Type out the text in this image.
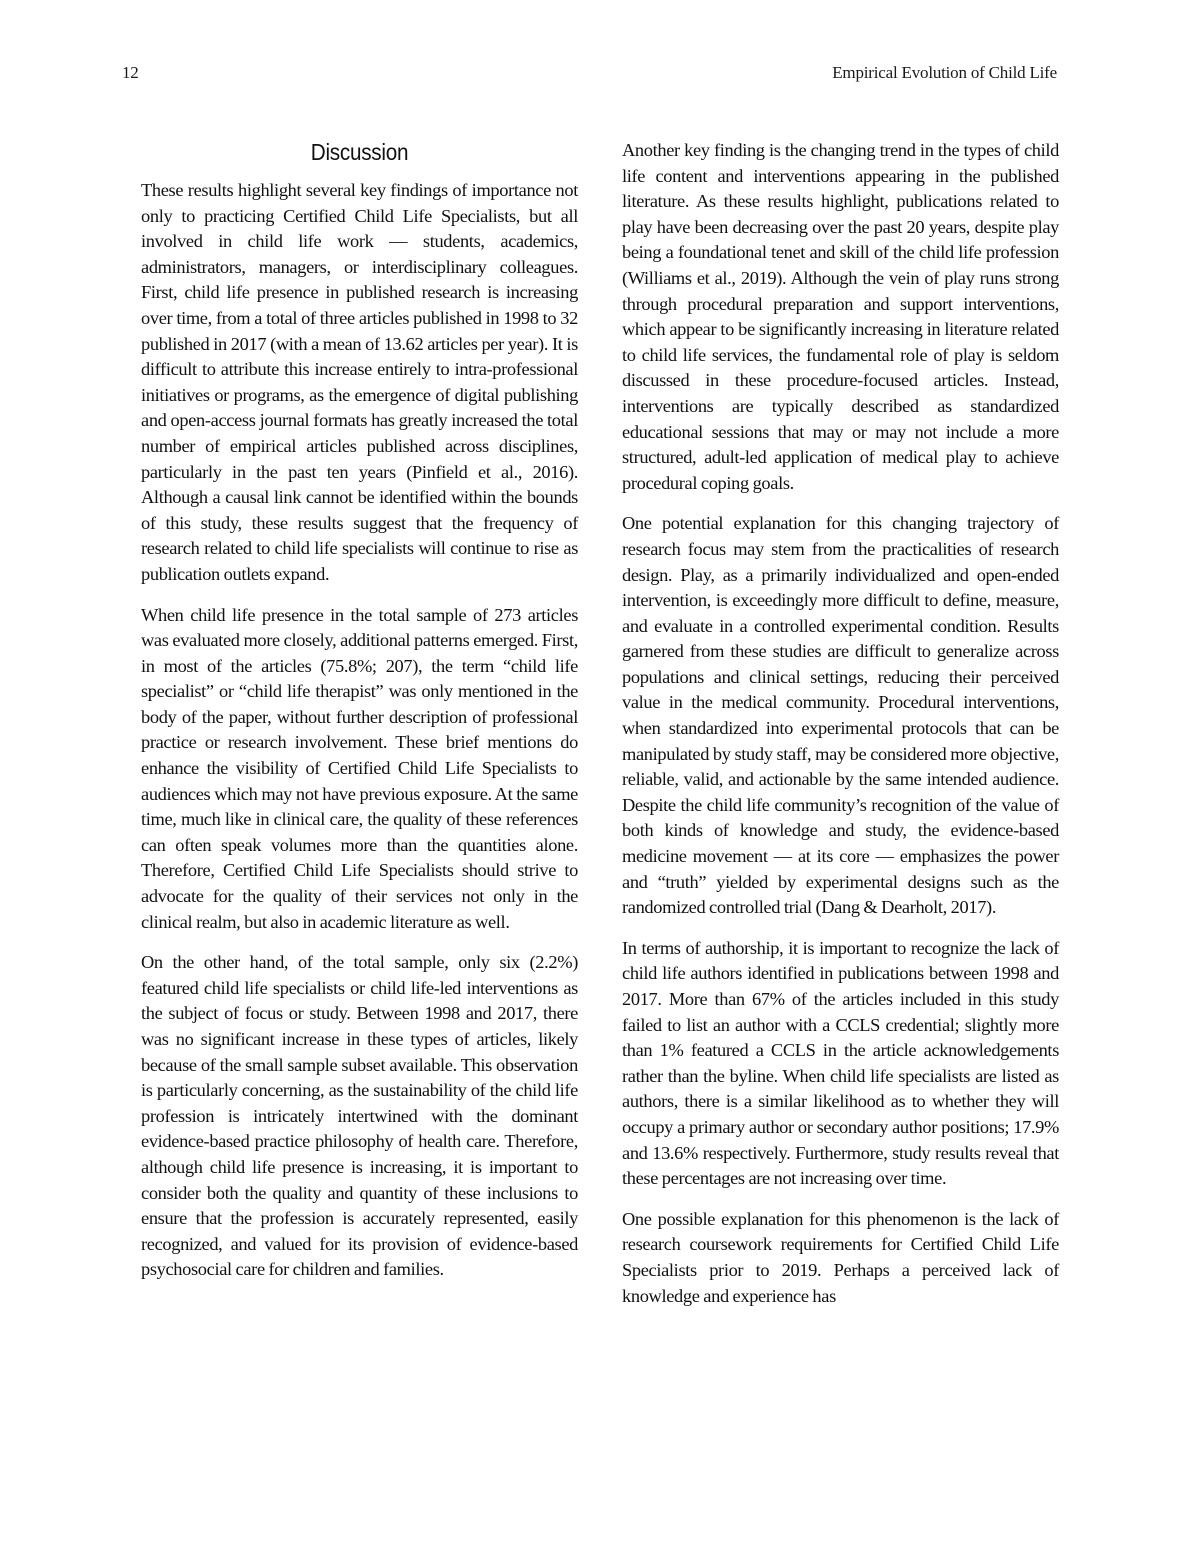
12	Empirical Evolution of Child Life
Discussion

These results highlight several key findings of importance not only to practicing Certified Child Life Specialists, but all involved in child life work — students, academics, administrators, managers, or interdisciplinary colleagues. First, child life presence in published research is increasing over time, from a total of three articles published in 1998 to 32 published in 2017 (with a mean of 13.62 articles per year). It is difficult to attribute this increase entirely to intra-professional initiatives or programs, as the emergence of digital publishing and open-access journal formats has greatly increased the total number of empirical articles published across disciplines, particularly in the past ten years (Pinfield et al., 2016). Although a causal link cannot be identified within the bounds of this study, these results suggest that the frequency of research related to child life specialists will continue to rise as publication outlets expand.

When child life presence in the total sample of 273 articles was evaluated more closely, additional patterns emerged. First, in most of the articles (75.8%; 207), the term “child life specialist” or “child life therapist” was only mentioned in the body of the paper, without further description of professional practice or research involvement. These brief mentions do enhance the visibility of Certified Child Life Specialists to audiences which may not have previous exposure. At the same time, much like in clinical care, the quality of these references can often speak volumes more than the quantities alone. Therefore, Certified Child Life Specialists should strive to advocate for the quality of their services not only in the clinical realm, but also in academic literature as well.

On the other hand, of the total sample, only six (2.2%) featured child life specialists or child life-led interventions as the subject of focus or study. Between 1998 and 2017, there was no significant increase in these types of articles, likely because of the small sample subset available. This observation is particularly concerning, as the sustainability of the child life profession is intricately intertwined with the dominant evidence-based practice philosophy of health care. Therefore, although child life presence is increasing, it is important to consider both the quality and quantity of these inclusions to ensure that the profession is accurately represented, easily recognized, and valued for its provision of evidence-based psychosocial care for children and families.

Another key finding is the changing trend in the types of child life content and interventions appearing in the published literature. As these results highlight, publications related to play have been decreasing over the past 20 years, despite play being a foundational tenet and skill of the child life profession (Williams et al., 2019). Although the vein of play runs strong through procedural preparation and support interventions, which appear to be significantly increasing in literature related to child life services, the fundamental role of play is seldom discussed in these procedure-focused articles. Instead, interventions are typically described as standardized educational sessions that may or may not include a more structured, adult-led application of medical play to achieve procedural coping goals.

One potential explanation for this changing trajectory of research focus may stem from the practicalities of research design. Play, as a primarily individualized and open-ended intervention, is exceedingly more difficult to define, measure, and evaluate in a controlled experimental condition. Results garnered from these studies are difficult to generalize across populations and clinical settings, reducing their perceived value in the medical community. Procedural interventions, when standardized into experimental protocols that can be manipulated by study staff, may be considered more objective, reliable, valid, and actionable by the same intended audience. Despite the child life community’s recognition of the value of both kinds of knowledge and study, the evidence-based medicine movement — at its core — emphasizes the power and “truth” yielded by experimental designs such as the randomized controlled trial (Dang & Dearholt, 2017).

In terms of authorship, it is important to recognize the lack of child life authors identified in publications between 1998 and 2017. More than 67% of the articles included in this study failed to list an author with a CCLS credential; slightly more than 1% featured a CCLS in the article acknowledgements rather than the byline. When child life specialists are listed as authors, there is a similar likelihood as to whether they will occupy a primary author or secondary author positions; 17.9% and 13.6% respectively. Furthermore, study results reveal that these percentages are not increasing over time.

One possible explanation for this phenomenon is the lack of research coursework requirements for Certified Child Life Specialists prior to 2019. Perhaps a perceived lack of knowledge and experience has
